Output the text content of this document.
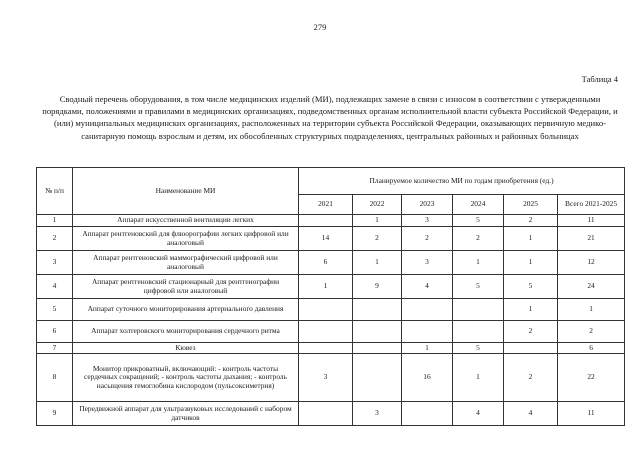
279
Таблица 4
Сводный перечень оборудования, в том числе медицинских изделий (МИ), подлежащих замене в связи с износом в соответствии с утвержденными порядками, положениями и правилами в медицинских организациях, подведомственных органам исполнительной власти субъекта Российской Федерации, и (или) муниципальных медицинских организациях, расположенных на территории субъекта Российской Федерации, оказывающих первичную медико-санитарную помощь взрослым и детям, их обособленных структурных подразделениях, центральных районных и районных больницах
№ п/п	Наименование МИ	Планируемое количество МИ по годам приобретения (ед.)					
		2021	2022	2023	2024	2025	Всего 2021-2025
1	Аппарат искусственной вентиляции легких		1	3	5	2	11
2	Аппарат рентгеновский для флюорографии легких цифровой или аналоговый	14	2	2	2	1	21
3	Аппарат рентгеновский маммографический цифровой или аналоговый	6	1	3	1	1	12
4	Аппарат рентгеновский стационарный для рентгенографии цифровой или аналоговый	1	9	4	5	5	24
5	Аппарат суточного мониторирования артериального давления					1	1
6	Аппарат холтеровского мониторирования сердечного ритма					2	2
7	Кювез			1	5		6
8	Монитор прикроватный, включающий: - контроль частоты сердечных сокращений; - контроль частоты дыхания; - контроль насыщения гемоглобина кислородом (пульсоксиметрия)	3		16	1	2	22
9	Передвижной аппарат для ультразвуковых исследований с набором датчиков		3		4	4	11
